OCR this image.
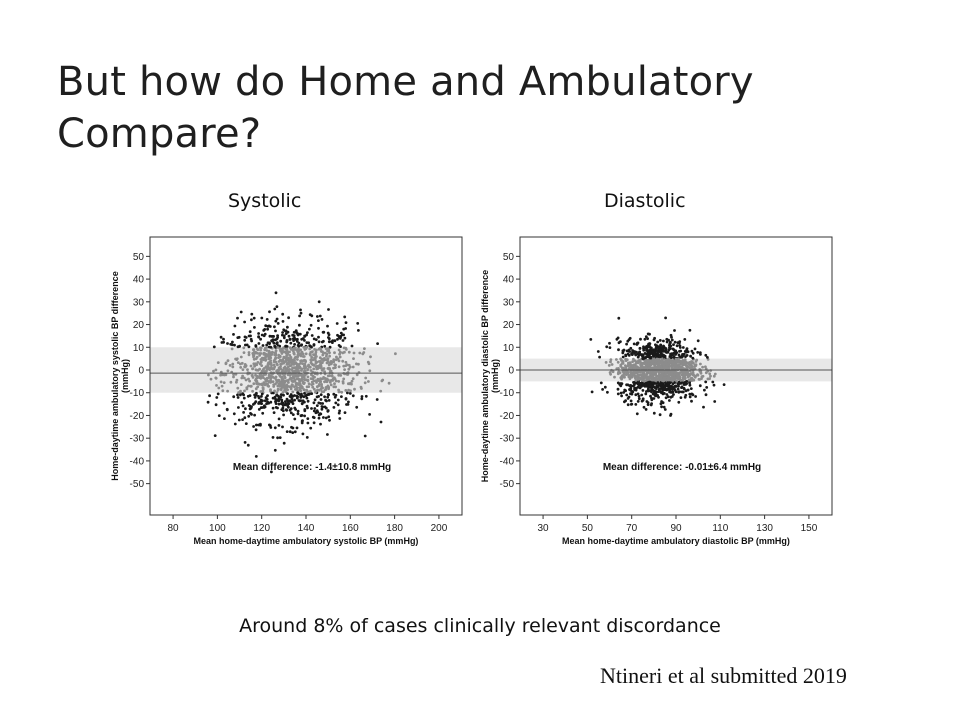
But how do Home and Ambulatory Compare?
Systolic	Diastolic
-50
-40
-30
-20
-10
0
10
20
30
40
50
80	100	120	140	160	180	200
Mean home-daytime ambulatory systolic BP (mmHg)
Home-daytime ambulatory systolic BP difference (mmHg)
Mean difference: -1.4±10.8 mmHg
-50
-40
-30
-20
-10
0
10
20
30
40
50
30	50	70	90	110	130	150
Mean home-daytime ambulatory diastolic BP (mmHg)
Home-daytime ambulatory diastolic BP difference (mmHg)
Mean difference: -0.01±6.4 mmHg
Around 8% of cases clinically relevant discordance
Ntineri et al submitted 2019
